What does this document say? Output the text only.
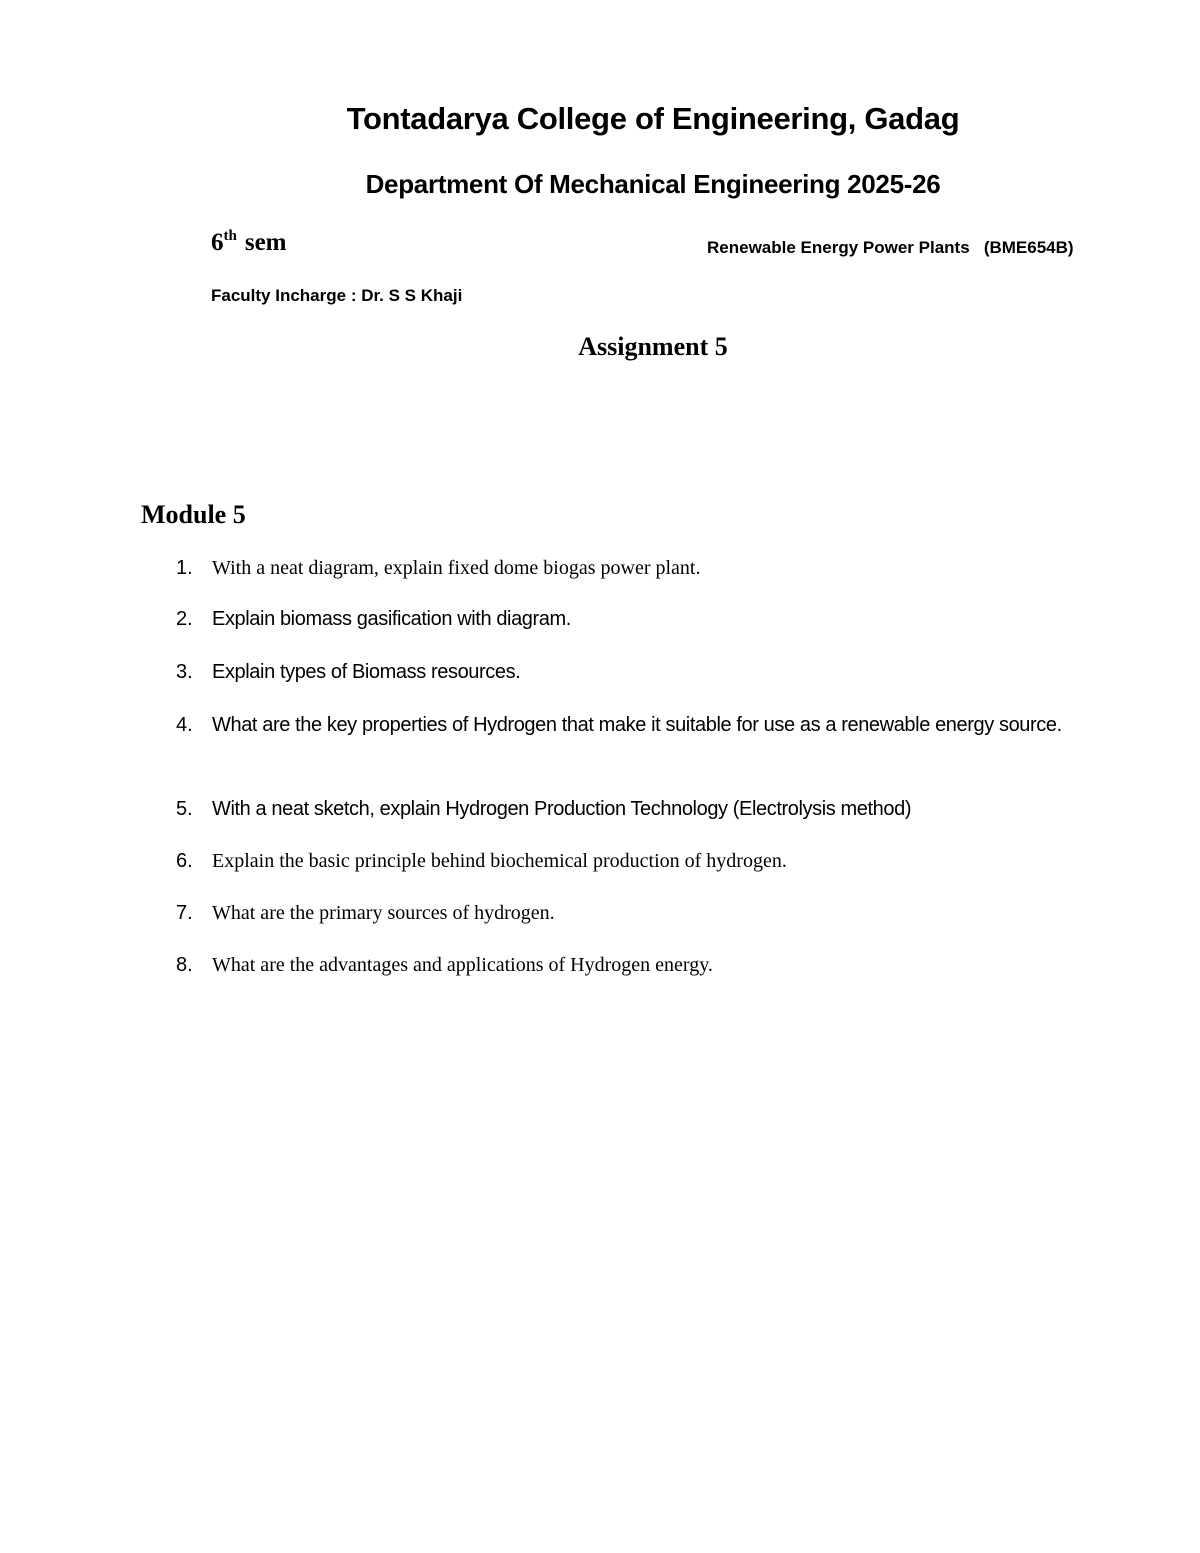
Tontadarya College of Engineering, Gadag
Department Of Mechanical Engineering 2025-26
6th sem	Renewable Energy Power Plants   (BME654B)
Faculty Incharge : Dr. S S Khaji
Assignment 5
Module 5
1. With a neat diagram, explain fixed dome biogas power plant.
2. Explain biomass gasification with diagram.
3. Explain types of Biomass resources.
4. What are the key properties of Hydrogen that make it suitable for use as a renewable energy source.
5. With a neat sketch, explain Hydrogen Production Technology (Electrolysis method)
6. Explain the basic principle behind biochemical production of hydrogen.
7. What are the primary sources of hydrogen.
8. What are the advantages and applications of Hydrogen energy.
